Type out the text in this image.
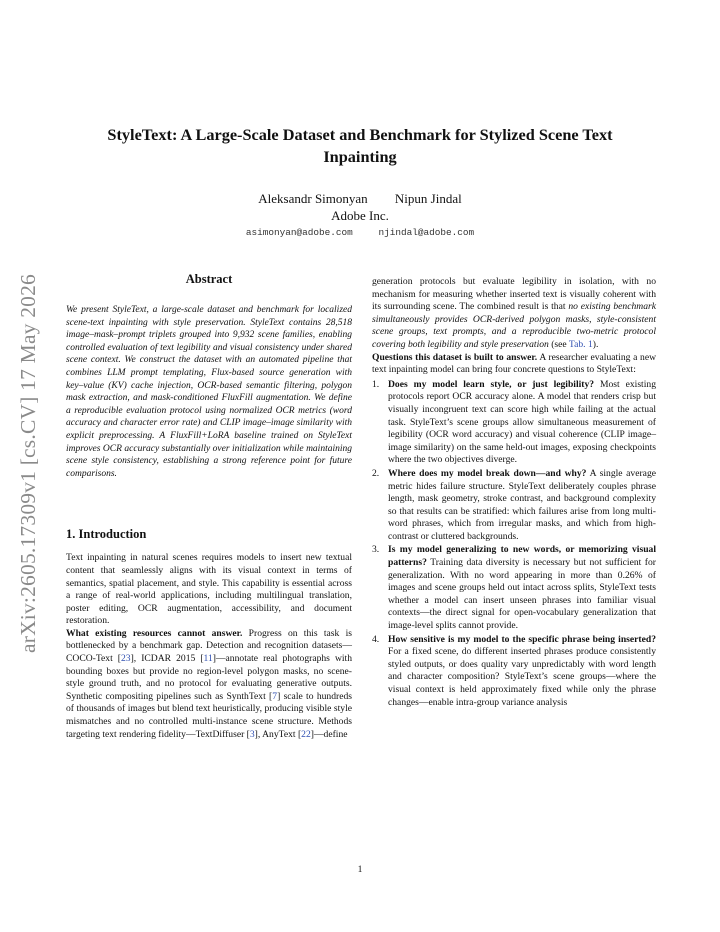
arXiv:2605.17309v1 [cs.CV] 17 May 2026
StyleText: A Large-Scale Dataset and Benchmark for Stylized Scene Text Inpainting
Aleksandr Simonyan Nipun Jindal
Adobe Inc.
asimonyan@adobe.com	njindal@adobe.com
Abstract

We present StyleText, a large-scale dataset and benchmark for localized scene-text inpainting with style preservation. StyleText contains 28,518 image–mask–prompt triplets grouped into 9,932 scene families, enabling controlled evaluation of text legibility and visual consistency under shared scene context. We construct the dataset with an automated pipeline that combines LLM prompt templating, Flux-based source generation with key–value (KV) cache injection, OCR-based semantic filtering, polygon mask extraction, and mask-conditioned FluxFill augmentation. We define a reproducible evaluation protocol using normalized OCR metrics (word accuracy and character error rate) and CLIP image–image similarity with explicit preprocessing. A FluxFill+LoRA baseline trained on StyleText improves OCR accuracy substantially over initialization while maintaining scene style consistency, establishing a strong reference point for future comparisons.

1. Introduction

Text inpainting in natural scenes requires models to insert new textual content that seamlessly aligns with its visual context in terms of semantics, spatial placement, and style. This capability is essential across a range of real-world applications, including multilingual translation, poster editing, OCR augmentation, accessibility, and document restoration.

What existing resources cannot answer. Progress on this task is bottlenecked by a benchmark gap. Detection and recognition datasets—COCO-Text [23], ICDAR 2015 [11]—annotate real photographs with bounding boxes but provide no region-level polygon masks, no scene-style ground truth, and no protocol for evaluating generative outputs. Synthetic compositing pipelines such as SynthText [7] scale to hundreds of thousands of images but blend text heuristically, producing visible style mismatches and no controlled multi-instance scene structure. Methods targeting text rendering fidelity—TextDiffuser [3], AnyText [22]—define

generation protocols but evaluate legibility in isolation, with no mechanism for measuring whether inserted text is visually coherent with its surrounding scene. The combined result is that no existing benchmark simultaneously provides OCR-derived polygon masks, style-consistent scene groups, text prompts, and a reproducible two-metric protocol covering both legibility and style preservation (see Tab. 1).

Questions this dataset is built to answer. A researcher evaluating a new text inpainting model can bring four concrete questions to StyleText:

1. Does my model learn style, or just legibility? Most existing protocols report OCR accuracy alone. A model that renders crisp but visually incongruent text can score high while failing at the actual task. StyleText’s scene groups allow simultaneous measurement of legibility (OCR word accuracy) and visual coherence (CLIP image–image similarity) on the same held-out images, exposing checkpoints where the two objectives diverge.
2. Where does my model break down—and why? A single average metric hides failure structure. StyleText deliberately couples phrase length, mask geometry, stroke contrast, and background complexity so that results can be stratified: which failures arise from long multi-word phrases, which from irregular masks, and which from high-contrast or cluttered backgrounds.
3. Is my model generalizing to new words, or memorizing visual patterns? Training data diversity is necessary but not sufficient for generalization. With no word appearing in more than 0.26% of images and scene groups held out intact across splits, StyleText tests whether a model can insert unseen phrases into familiar visual contexts—the direct signal for open-vocabulary generalization that image-level splits cannot provide.
4. How sensitive is my model to the specific phrase being inserted? For a fixed scene, do different inserted phrases produce consistently styled outputs, or does quality vary unpredictably with word length and character composition? StyleText’s scene groups—where the visual context is held approximately fixed while only the phrase changes—enable intra-group variance analysis
1
